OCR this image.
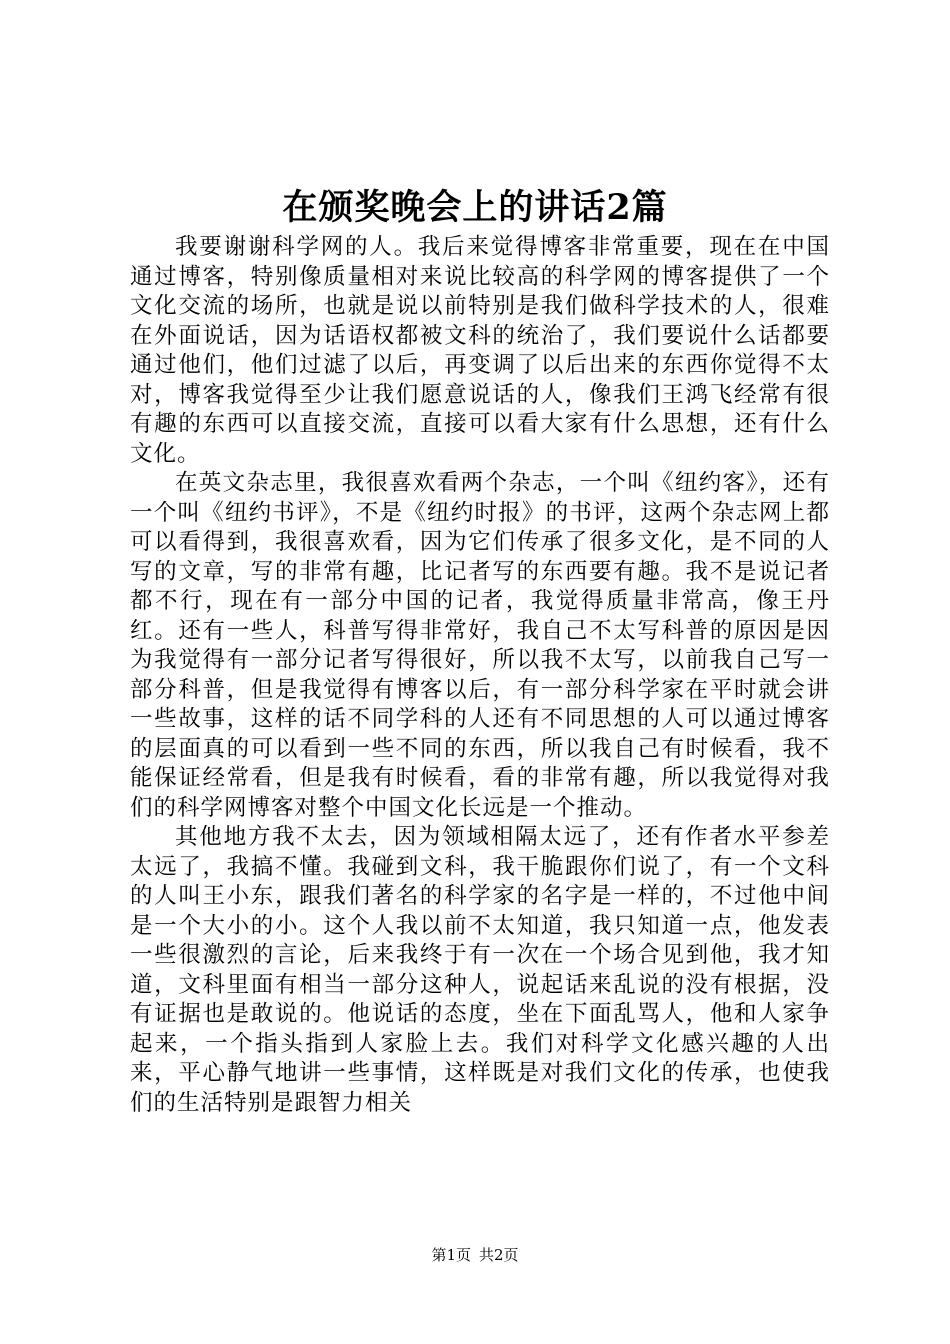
在颁奖晚会上的讲话2篇

我要谢谢科学网的人。我后来觉得博客非常重要，现在在中国通过博客，特别像质量相对来说比较高的科学网的博客提供了一个文化交流的场所，也就是说以前特别是我们做科学技术的人，很难在外面说话，因为话语权都被文科的统治了，我们要说什么话都要通过他们，他们过滤了以后，再变调了以后出来的东西你觉得不太对，博客我觉得至少让我们愿意说话的人，像我们王鸿飞经常有很有趣的东西可以直接交流，直接可以看大家有什么思想，还有什么文化。

在英文杂志里，我很喜欢看两个杂志，一个叫《纽约客》，还有一个叫《纽约书评》，不是《纽约时报》的书评，这两个杂志网上都可以看得到，我很喜欢看，因为它们传承了很多文化，是不同的人写的文章，写的非常有趣，比记者写的东西要有趣。我不是说记者都不行，现在有一部分中国的记者，我觉得质量非常高，像王丹红。还有一些人，科普写得非常好，我自己不太写科普的原因是因为我觉得有一部分记者写得很好，所以我不太写，以前我自己写一部分科普，但是我觉得有博客以后，有一部分科学家在平时就会讲一些故事，这样的话不同学科的人还有不同思想的人可以通过博客的层面真的可以看到一些不同的东西，所以我自己有时候看，我不能保证经常看，但是我有时候看，看的非常有趣，所以我觉得对我们的科学网博客对整个中国文化长远是一个推动。

其他地方我不太去，因为领域相隔太远了，还有作者水平参差太远了，我搞不懂。我碰到文科，我干脆跟你们说了，有一个文科的人叫王小东，跟我们著名的科学家的名字是一样的，不过他中间是一个大小的小。这个人我以前不太知道，我只知道一点，他发表一些很激烈的言论，后来我终于有一次在一个场合见到他，我才知道，文科里面有相当一部分这种人，说起话来乱说的没有根据，没有证据也是敢说的。他说话的态度，坐在下面乱骂人，他和人家争起来，一个指头指到人家脸上去。我们对科学文化感兴趣的人出来，平心静气地讲一些事情，这样既是对我们文化的传承，也使我们的生活特别是跟智力相关

第1页 共2页
